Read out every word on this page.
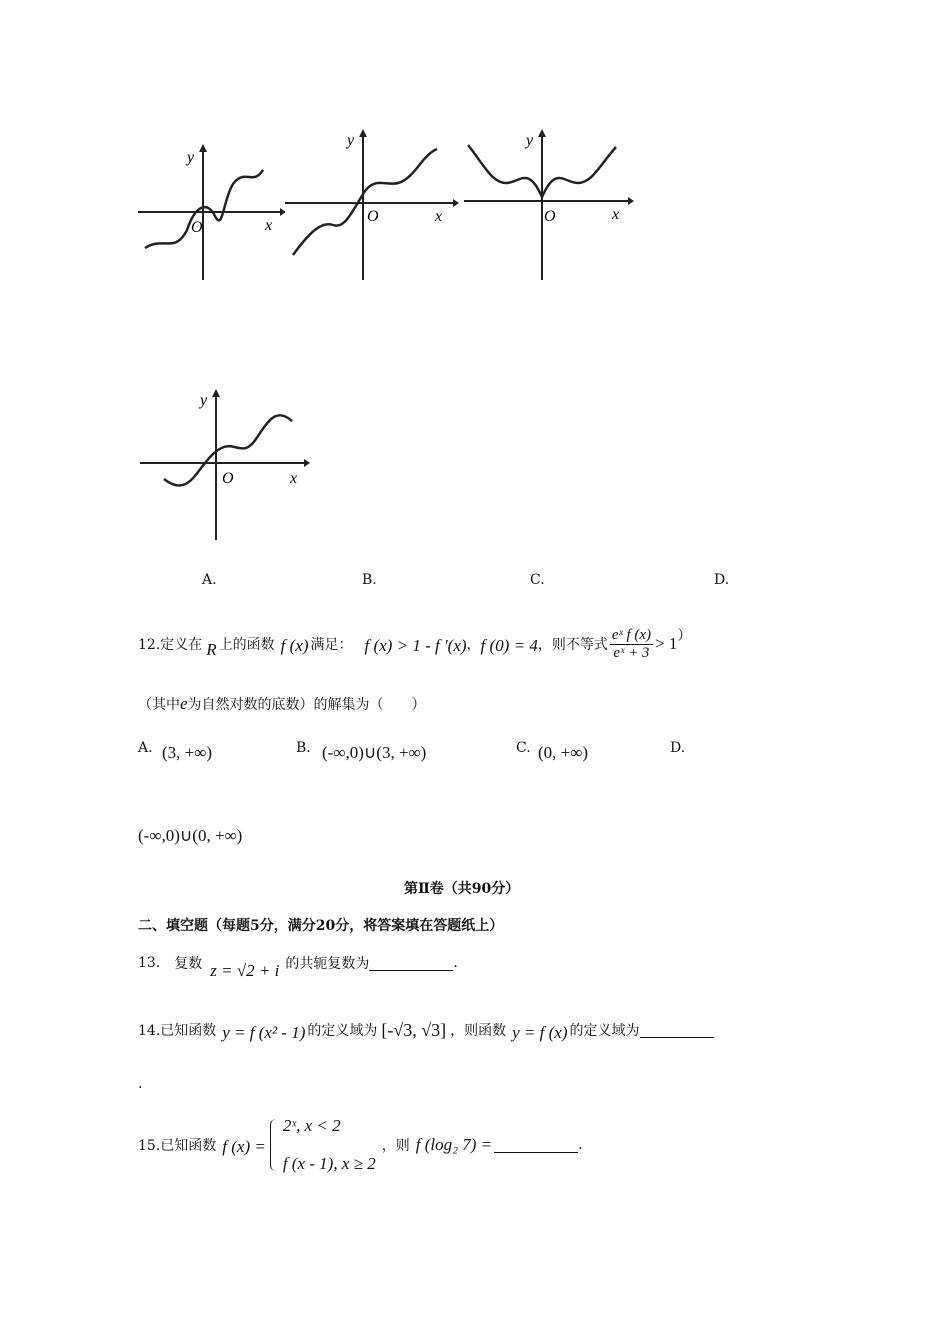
y
x
O
y
x
O
y
x
O
y
x
O
A.	B.	C.	D.
12.定义在 R 上的函数 f (x) 满足： f (x) > 1 - f ′(x) ， f (0) = 4 ，则不等式 $\frac{\text{eˣ f (x)}}{\text{eˣ + 3}} > 1$ ）
（其中e为自然对数的底数）的解集为（　　）
A. (3, +∞)	B. (-∞,0)∪(3, +∞)	C. (0, +∞)	D.
(-∞,0)∪(0, +∞)
第Ⅱ卷（共90分）
二、填空题（每题5分，满分20分，将答案填在答题纸上）
13. 复数 z = √2 + i 的共轭复数为	.
14.已知函数 y = f (x² - 1) 的定义域为 [-√3, √3] ，则函数 y = f (x) 的定义域为
.
15.已知函数 f (x) =
2ˣ, x < 2
f (x - 1), x ≥ 2
，则 f (log₂ 7) =	.
